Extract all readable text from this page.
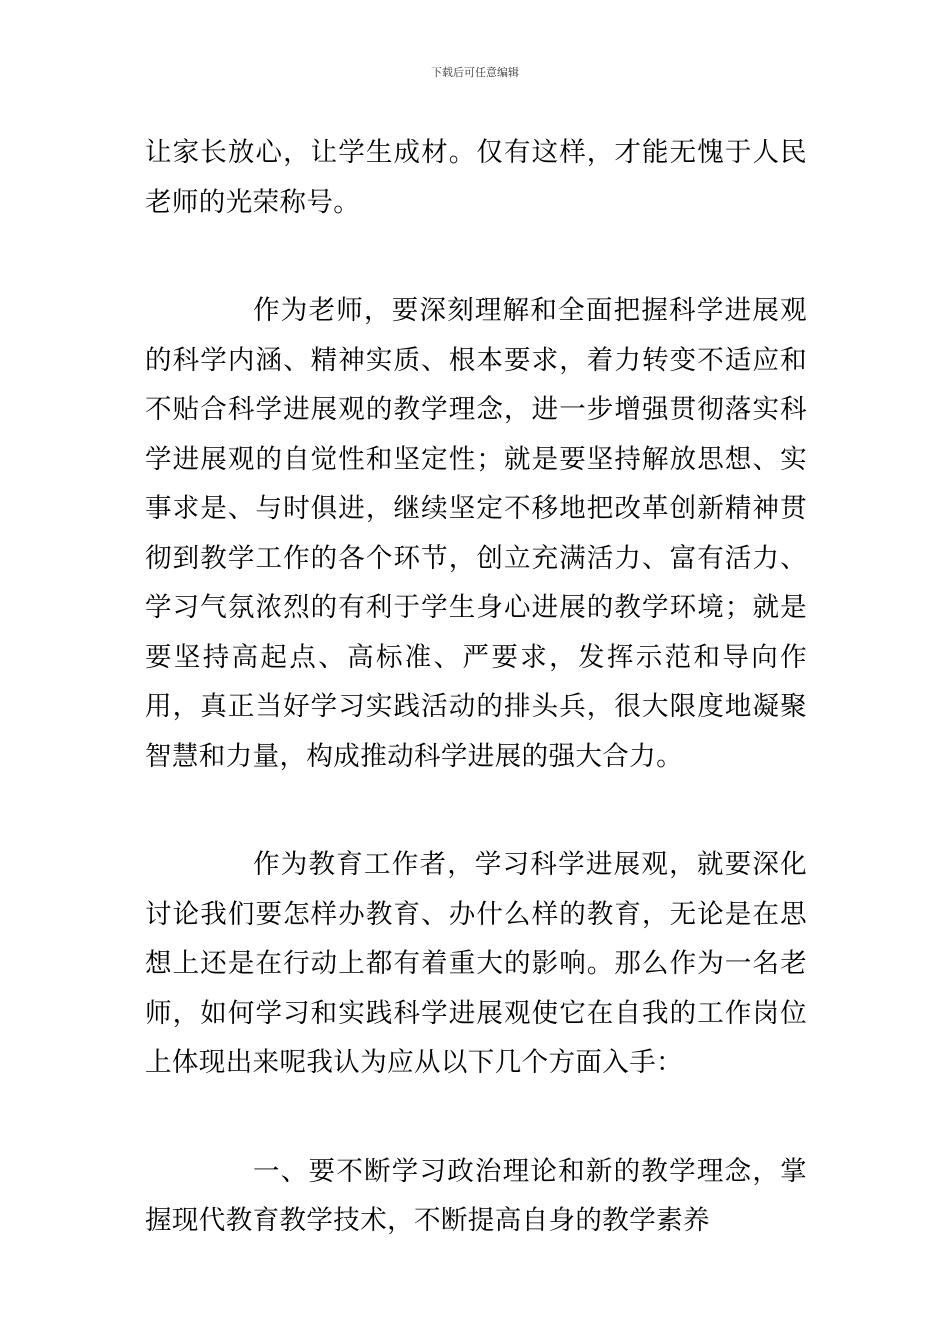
下载后可任意编辑

让家长放心，让学生成材。仅有这样，才能无愧于人民老师的光荣称号。

作为老师，要深刻理解和全面把握科学进展观的科学内涵、精神实质、根本要求，着力转变不适应和不贴合科学进展观的教学理念，进一步增强贯彻落实科学进展观的自觉性和坚定性；就是要坚持解放思想、实事求是、与时俱进，继续坚定不移地把改革创新精神贯彻到教学工作的各个环节，创立充满活力、富有活力、学习气氛浓烈的有利于学生身心进展的教学环境；就是要坚持高起点、高标准、严要求，发挥示范和导向作用，真正当好学习实践活动的排头兵，很大限度地凝聚智慧和力量，构成推动科学进展的强大合力。

作为教育工作者，学习科学进展观，就要深化讨论我们要怎样办教育、办什么样的教育，无论是在思想上还是在行动上都有着重大的影响。那么作为一名老师，如何学习和实践科学进展观使它在自我的工作岗位上体现出来呢我认为应从以下几个方面入手：

一、要不断学习政治理论和新的教学理念，掌握现代教育教学技术，不断提高自身的教学素养
